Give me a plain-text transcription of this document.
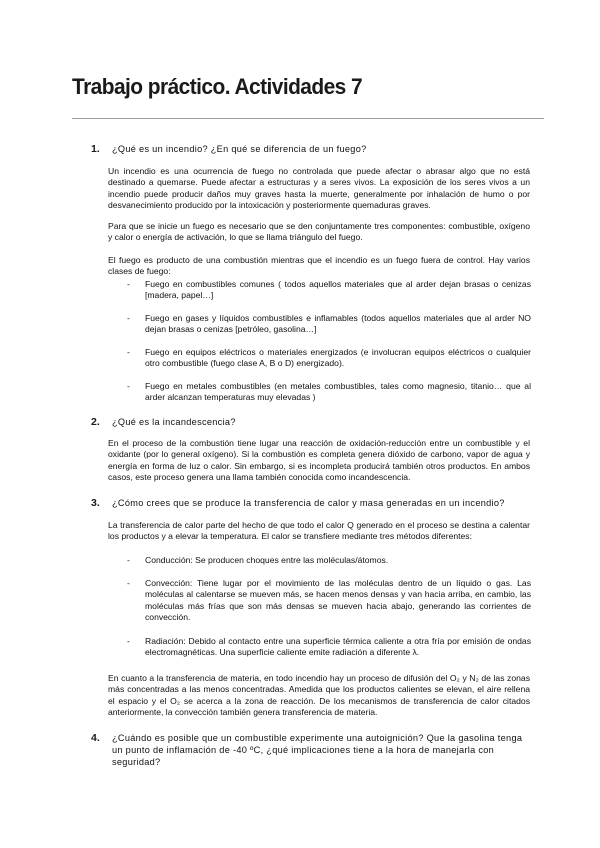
Trabajo práctico. Actividades 7
1. ¿Qué es un incendio? ¿En qué se diferencia de un fuego?
Un incendio es una ocurrencia de fuego no controlada que puede afectar o abrasar algo que no está destinado a quemarse. Puede afectar a estructuras y a seres vivos. La exposición de los seres vivos a un incendio puede producir daños muy graves hasta la muerte, generalmente por inhalación de humo o por desvanecimiento producido por la intoxicación y posteriormente quemaduras graves.
Para que se inicie un fuego es necesario que se den conjuntamente tres componentes: combustible, oxígeno y calor o energía de activación, lo que se llama triángulo del fuego.
El fuego es producto de una combustión mientras que el incendio es un fuego fuera de control. Hay varios clases de fuego:
- Fuego en combustibles comunes ( todos aquellos materiales que al arder dejan brasas o cenizas [madera, papel…]
- Fuego en gases y líquidos combustibles e inflamables (todos aquellos materiales que al arder NO dejan brasas o cenizas [petróleo, gasolina…]
- Fuego en equipos eléctricos o materiales energizados (e involucran equipos eléctricos o cualquier otro combustible (fuego clase A, B o D) energizado).
- Fuego en metales combustibles (en metales combustibles, tales como magnesio, titanio… que al arder alcanzan temperaturas muy elevadas )
2. ¿Qué es la incandescencia?
En el proceso de la combustión tiene lugar una reacción de oxidación-reducción entre un combustible y el oxidante (por lo general oxígeno). Si la combustión es completa genera dióxido de carbono, vapor de agua y energía en forma de luz o calor. Sin embargo, si es incompleta producirá también otros productos. En ambos casos, este proceso genera una llama también conocida como incandescencia.
3. ¿Cómo crees que se produce la transferencia de calor y masa generadas en un incendio?
La transferencia de calor parte del hecho de que todo el calor Q generado en el proceso se destina a calentar los productos y a elevar la temperatura. El calor se transfiere mediante tres métodos diferentes:
- Conducción: Se producen choques entre las moléculas/átomos.
- Convección: Tiene lugar por el movimiento de las moléculas dentro de un líquido o gas. Las moléculas al calentarse se mueven más, se hacen menos densas y van hacia arriba, en cambio, las moléculas más frías que son más densas se mueven hacia abajo, generando las corrientes de convección.
- Radiación: Debido al contacto entre una superficie térmica caliente a otra fría por emisión de ondas electromagnéticas. Una superficie caliente emite radiación a diferente λ.
En cuanto a la transferencia de materia, en todo incendio hay un proceso de difusión del O₂ y N₂ de las zonas más concentradas a las menos concentradas. Amedida que los productos calientes se elevan, el aire rellena el espacio y el O₂ se acerca a la zona de reacción. De los mecanismos de transferencia de calor citados anteriormente, la convección también genera transferencia de materia.
4. ¿Cuándo es posible que un combustible experimente una autoignición? Que la gasolina tenga un punto de inflamación de -40 ºC, ¿qué implicaciones tiene a la hora de manejarla con seguridad?
